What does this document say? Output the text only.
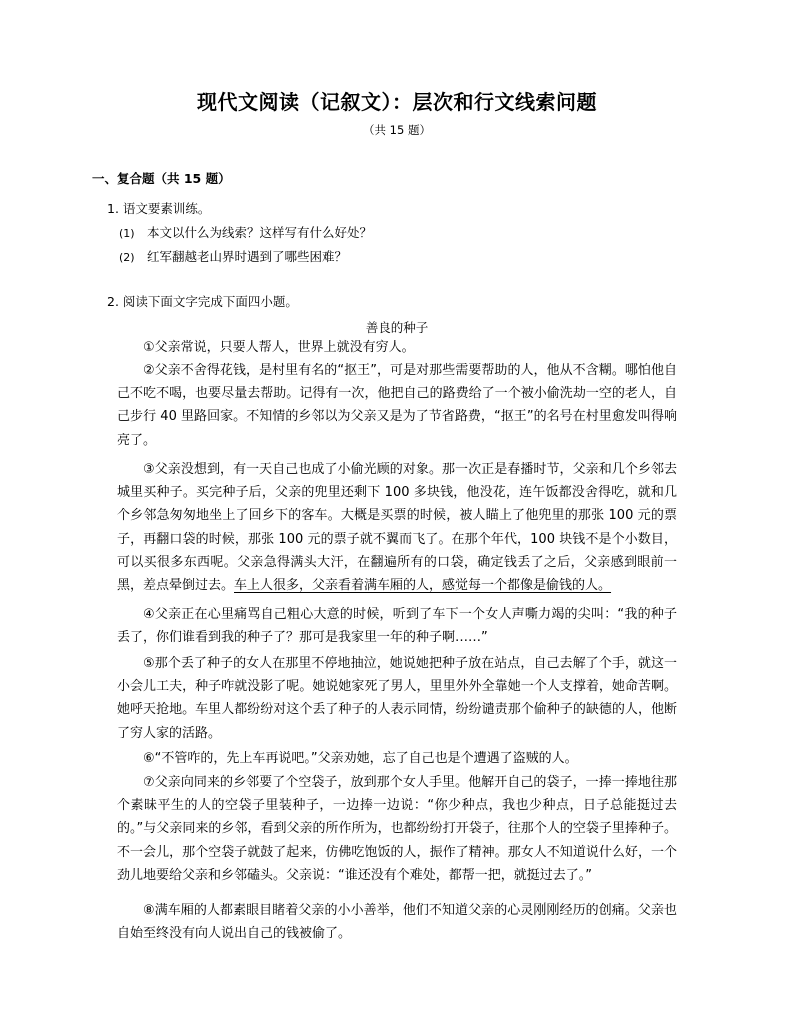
现代文阅读（记叙文）：层次和行文线索问题
（共 15 题）
一、复合题（共 15 题）
1. 语文要素训练。
(1) 本文以什么为线索？这样写有什么好处？
(2) 红军翻越老山界时遇到了哪些困难？
2. 阅读下面文字完成下面四小题。
善良的种子

①父亲常说，只要人帮人，世界上就没有穷人。

②父亲不舍得花钱，是村里有名的“抠王”，可是对那些需要帮助的人，他从不含糊。哪怕他自己不吃不喝，也要尽量去帮助。记得有一次，他把自己的路费给了一个被小偷洗劫一空的老人，自己步行 40 里路回家。不知情的乡邻以为父亲又是为了节省路费，“抠王”的名号在村里愈发叫得响亮了。

③父亲没想到，有一天自己也成了小偷光顾的对象。那一次正是春播时节，父亲和几个乡邻去城里买种子。买完种子后，父亲的兜里还剩下 100 多块钱，他没花，连午饭都没舍得吃，就和几个乡邻急匆匆地坐上了回乡下的客车。大概是买票的时候，被人瞄上了他兜里的那张 100 元的票子，再翻口袋的时候，那张 100 元的票子就不翼而飞了。在那个年代，100 块钱不是个小数目，可以买很多东西呢。父亲急得满头大汗，在翻遍所有的口袋，确定钱丢了之后，父亲感到眼前一黑，差点晕倒过去。车上人很多，父亲看着满车厢的人，感觉每一个都像是偷钱的人。

④父亲正在心里痛骂自己粗心大意的时候，听到了车下一个女人声嘶力竭的尖叫：“我的种子丢了，你们谁看到我的种子了？那可是我家里一年的种子啊……”

⑤那个丢了种子的女人在那里不停地抽泣，她说她把种子放在站点，自己去解了个手，就这一小会儿工夫，种子咋就没影了呢。她说她家死了男人，里里外外全靠她一个人支撑着，她命苦啊。她呼天抢地。车里人都纷纷对这个丢了种子的人表示同情，纷纷谴责那个偷种子的缺德的人，他断了穷人家的活路。

⑥“不管咋的，先上车再说吧。”父亲劝她，忘了自己也是个遭遇了盗贼的人。

⑦父亲向同来的乡邻要了个空袋子，放到那个女人手里。他解开自己的袋子，一捧一捧地往那个素昧平生的人的空袋子里装种子，一边捧一边说：“你少种点，我也少种点，日子总能挺过去的。”与父亲同来的乡邻，看到父亲的所作所为，也都纷纷打开袋子，往那个人的空袋子里捧种子。不一会儿，那个空袋子就鼓了起来，仿佛吃饱饭的人，振作了精神。那女人不知道说什么好，一个劲儿地要给父亲和乡邻磕头。父亲说：“谁还没有个难处，都帮一把，就挺过去了。”

⑧满车厢的人都素眼目睹着父亲的小小善举，他们不知道父亲的心灵刚刚经历的创痛。父亲也自始至终没有向人说出自己的钱被偷了。
